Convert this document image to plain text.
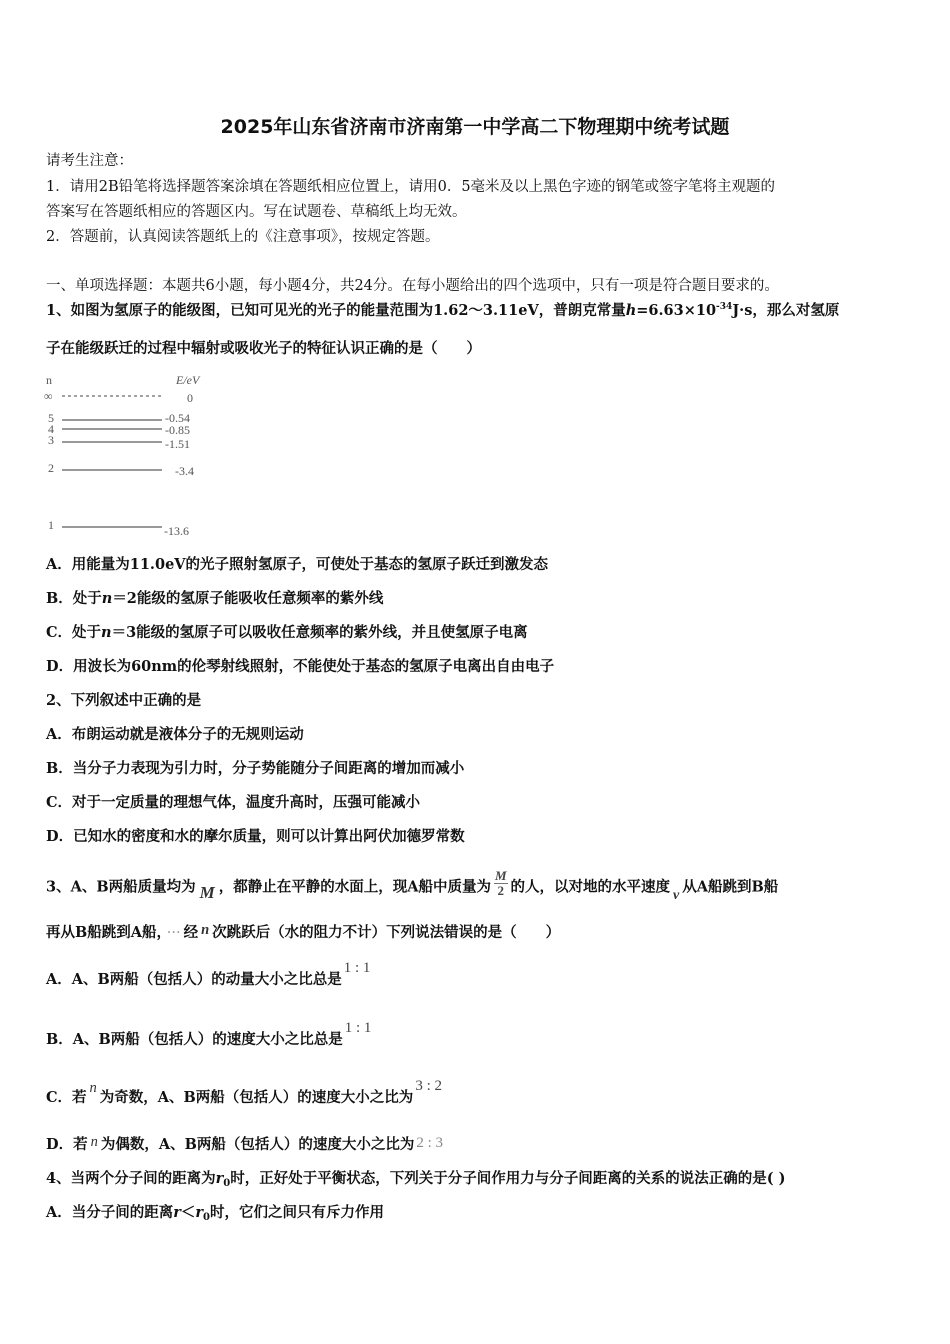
2025年山东省济南市济南第一中学高二下物理期中统考试题
请考生注意：
1．请用2B铅笔将选择题答案涂填在答题纸相应位置上，请用0．5毫米及以上黑色字迹的钢笔或签字笔将主观题的
答案写在答题纸相应的答题区内。写在试题卷、草稿纸上均无效。
2．答题前，认真阅读答题纸上的《注意事项》，按规定答题。
一、单项选择题：本题共6小题，每小题4分，共24分。在每小题给出的四个选项中，只有一项是符合题目要求的。
1、如图为氢原子的能级图，已知可见光的光子的能量范围为1.62～3.11eV，普朗克常量$h=6.63\times 10^{-34}J\cdot s$，那么对氢原
子在能级跃迁的过程中辐射或吸收光子的特征认识正确的是（　　）
n	E/eV
∞	0
5	-0.54
4	-0.85
3	-1.51
2	-3.4
1	-13.6
A．用能量为11.0eV的光子照射氢原子，可使处于基态的氢原子跃迁到激发态
B．处于n＝2能级的氢原子能吸收任意频率的紫外线
C．处于n＝3能级的氢原子可以吸收任意频率的紫外线，并且使氢原子电离
D．用波长为60nm的伦琴射线照射，不能使处于基态的氢原子电离出自由电子
2、下列叙述中正确的是
A．布朗运动就是液体分子的无规则运动
B．当分子力表现为引力时，分子势能随分子间距离的增加而减小
C．对于一定质量的理想气体，温度升高时，压强可能减小
D．已知水的密度和水的摩尔质量，则可以计算出阿伏加德罗常数
3、A、B两船质量均为 M ，都静止在平静的水面上，现A船中质量为 $\frac{M}{2}$ 的人，以对地的水平速度 v 从A船跳到B船
再从B船跳到A船， ··· 经 n 次跳跃后（水的阻力不计）下列说法错误的是（　　）
A．A、B两船（包括人）的动量大小之比总是1 : 1
B．A、B两船（包括人）的速度大小之比总是1 : 1
C．若n为奇数，A、B两船（包括人）的速度大小之比为3 : 2
D．若 n 为偶数，A、B两船（包括人）的速度大小之比为 2 : 3
4、当两个分子间的距离为$r_0$时，正好处于平衡状态，下列关于分子间作用力与分子间距离的关系的说法正确的是( )
A．当分子间的距离$r<r_0$时，它们之间只有斥力作用
